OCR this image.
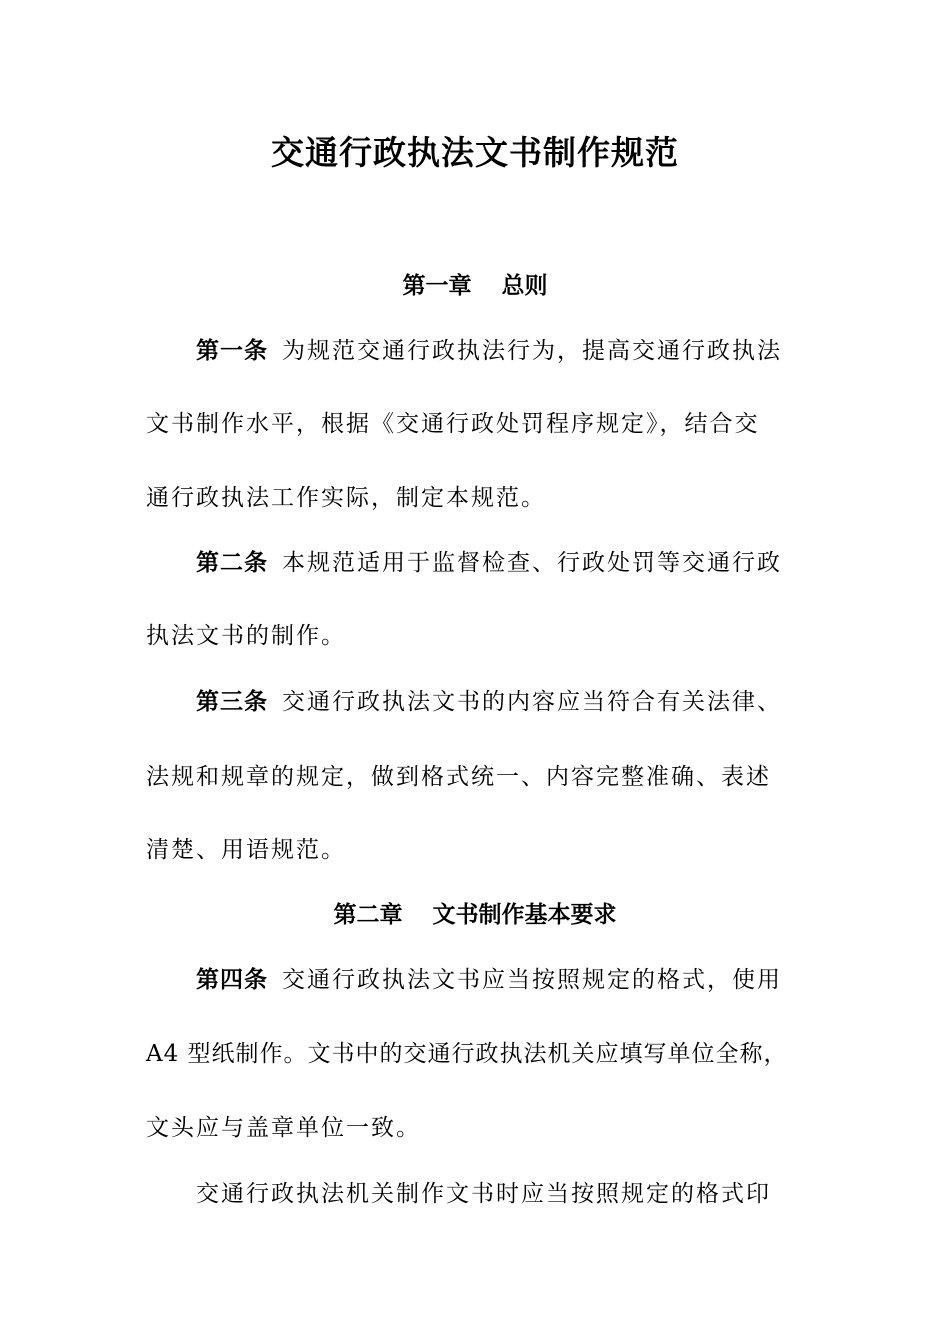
交通行政执法文书制作规范
第一章 总则
第一条 为规范交通行政执法行为，提高交通行政执法
文书制作水平，根据《交通行政处罚程序规定》，结合交
通行政执法工作实际，制定本规范。
第二条 本规范适用于监督检查、行政处罚等交通行政
执法文书的制作。
第三条 交通行政执法文书的内容应当符合有关法律、
法规和规章的规定，做到格式统一、内容完整准确、表述
清楚、用语规范。
第二章 文书制作基本要求
第四条 交通行政执法文书应当按照规定的格式，使用
A4 型纸制作。文书中的交通行政执法机关应填写单位全称，
文头应与盖章单位一致。
交通行政执法机关制作文书时应当按照规定的格式印
